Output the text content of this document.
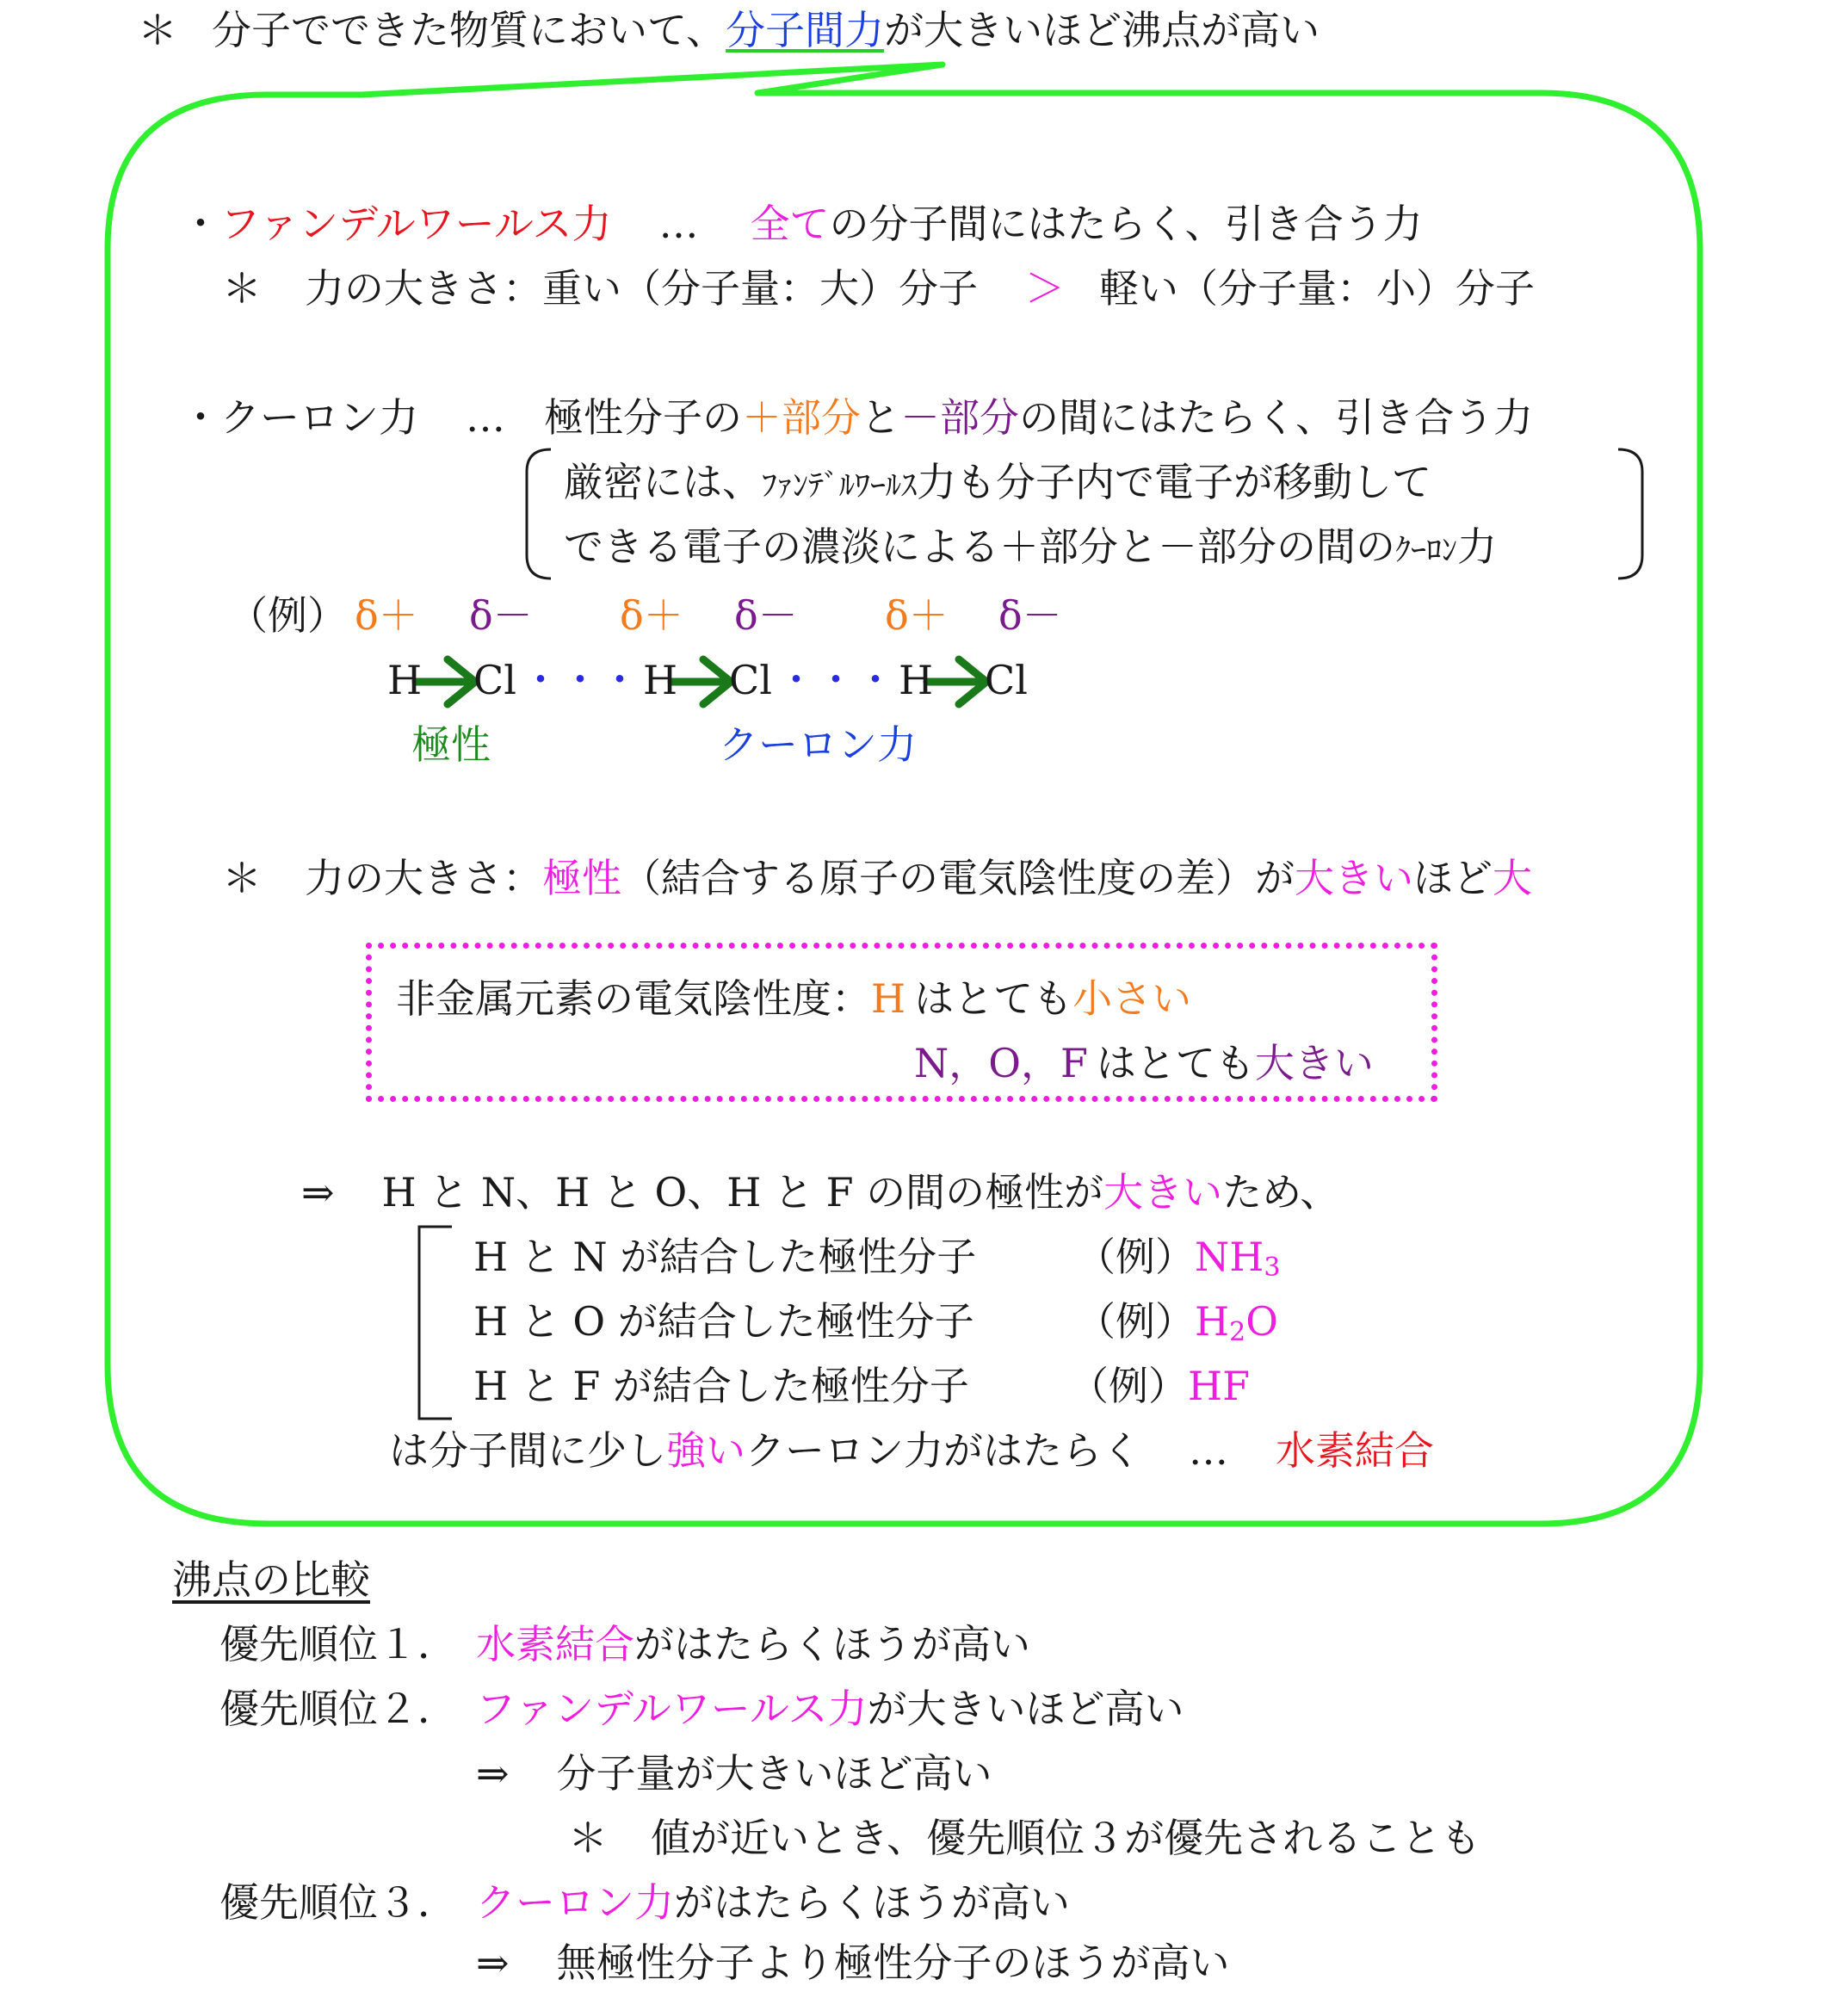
＊ 分子でできた物質において、分子間力が大きいほど沸点が高い
・ファンデルワールス力 … 全ての分子間にはたらく、引き合う力
＊ 力の大きさ：重い（分子量：大）分子 ＞ 軽い（分子量：小）分子
・クーロン力 … 極性分子の＋部分と－部分の間にはたらく、引き合う力
厳密には、ﾌｧﾝﾃﾞﾙﾜｰﾙｽ力も分子内で電子が移動して
できる電子の濃淡による＋部分と－部分の間のｸｰﾛﾝ力
（例） δ＋ δ－ δ＋ δ－ δ＋ δ－
H Cl ・・・ H Cl ・・・ H Cl
極性	クーロン力
＊ 力の大きさ：極性（結合する原子の電気陰性度の差）が大きいほど大
非金属元素の電気陰性度：H はとても小さい
N，O，F はとても大きい
⇒ H と N、H と O、H と F の間の極性が大きいため、
H と N が結合した極性分子	（例）$NH_3$
H と O が結合した極性分子	（例）$H_2O$
H と F が結合した極性分子	（例）HF
は分子間に少し強いクーロン力がはたらく … 水素結合
沸点の比較
優先順位１． 水素結合がはたらくほうが高い
優先順位２． ファンデルワールス力が大きいほど高い
⇒ 分子量が大きいほど高い
＊ 値が近いとき、優先順位３が優先されることも
優先順位３． クーロン力がはたらくほうが高い
⇒ 無極性分子より極性分子のほうが高い
